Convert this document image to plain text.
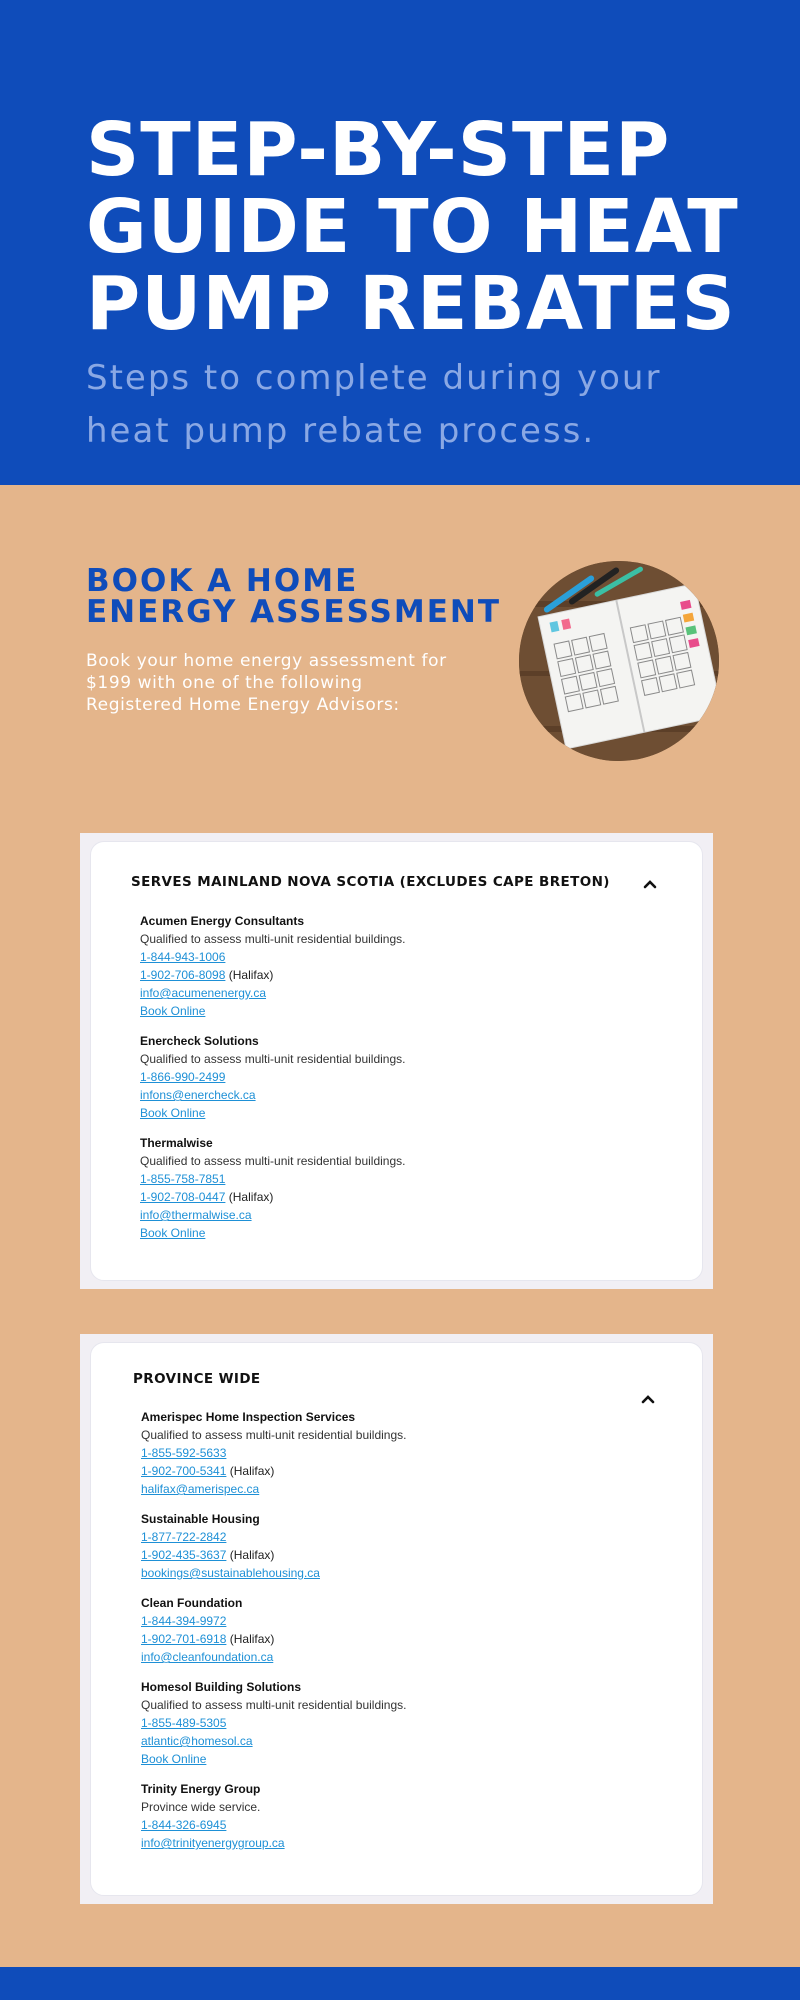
STEP-BY-STEP
GUIDE TO HEAT
PUMP REBATES

Steps to complete during your
heat pump rebate process.

BOOK A HOME
ENERGY ASSESSMENT
Book your home energy assessment for
$199 with one of the following
Registered Home Energy Advisors:
SERVES MAINLAND NOVA SCOTIA (EXCLUDES CAPE BRETON)
Acumen Energy Consultants
Qualified to assess multi-unit residential buildings.
1-844-943-1006
1-902-706-8098 (Halifax)
info@acumenenergy.ca
Book Online
Enercheck Solutions
Qualified to assess multi-unit residential buildings.
1-866-990-2499
infons@enercheck.ca
Book Online
Thermalwise
Qualified to assess multi-unit residential buildings.
1-855-758-7851
1-902-708-0447 (Halifax)
info@thermalwise.ca
Book Online
PROVINCE WIDE
Amerispec Home Inspection Services
Qualified to assess multi-unit residential buildings.
1-855-592-5633
1-902-700-5341 (Halifax)
halifax@amerispec.ca
Sustainable Housing
1-877-722-2842
1-902-435-3637 (Halifax)
bookings@sustainablehousing.ca
Clean Foundation
1-844-394-9972
1-902-701-6918 (Halifax)
info@cleanfoundation.ca
Homesol Building Solutions
Qualified to assess multi-unit residential buildings.
1-855-489-5305
atlantic@homesol.ca
Book Online
Trinity Energy Group
Province wide service.
1-844-326-6945
info@trinityenergygroup.ca
